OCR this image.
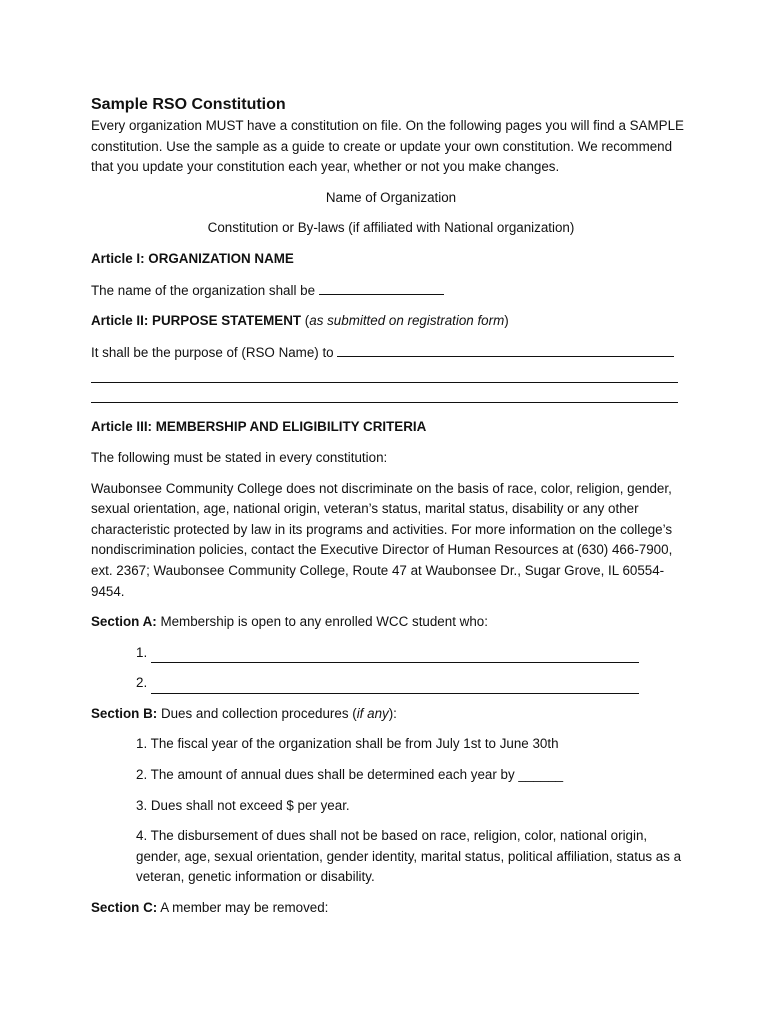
Sample RSO Constitution

Every organization MUST have a constitution on file. On the following pages you will find a SAMPLE constitution. Use the sample as a guide to create or update your own constitution. We recommend that you update your constitution each year, whether or not you make changes.

Name of Organization

Constitution or By-laws (if affiliated with National organization)

Article I: ORGANIZATION NAME

The name of the organization shall be

Article II: PURPOSE STATEMENT (as submitted on registration form)

It shall be the purpose of (RSO Name) to

Article III: MEMBERSHIP AND ELIGIBILITY CRITERIA

The following must be stated in every constitution:

Waubonsee Community College does not discriminate on the basis of race, color, religion, gender, sexual orientation, age, national origin, veteran’s status, marital status, disability or any other characteristic protected by law in its programs and activities. For more information on the college’s nondiscrimination policies, contact the Executive Director of Human Resources at (630) 466-7900, ext. 2367; Waubonsee Community College, Route 47 at Waubonsee Dr., Sugar Grove, IL 60554-9454.

Section A: Membership is open to any enrolled WCC student who:

1.
2.

Section B: Dues and collection procedures (if any):

1. The fiscal year of the organization shall be from July 1st to June 30th

2. The amount of annual dues shall be determined each year by ______

3. Dues shall not exceed $ per year.

4. The disbursement of dues shall not be based on race, religion, color, national origin, gender, age, sexual orientation, gender identity, marital status, political affiliation, status as a veteran, genetic information or disability.

Section C: A member may be removed:
